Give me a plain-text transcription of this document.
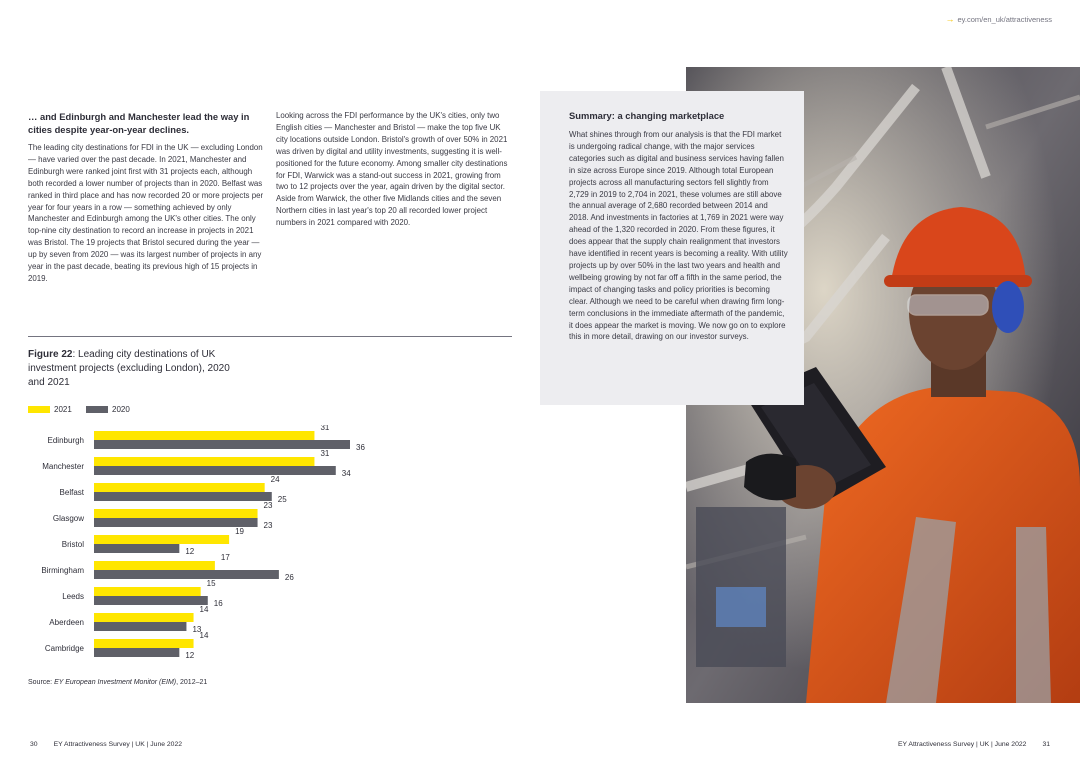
→ ey.com/en_uk/attractiveness

… and Edinburgh and Manchester lead the way in cities despite year-on-year declines.

The leading city destinations for FDI in the UK — excluding London — have varied over the past decade. In 2021, Manchester and Edinburgh were ranked joint first with 31 projects each, although both recorded a lower number of projects than in 2020. Belfast was ranked in third place and has now recorded 20 or more projects per year for four years in a row — something achieved by only Manchester and Edinburgh among the UK's other cities. The only top-nine city destination to record an increase in projects in 2021 was Bristol. The 19 projects that Bristol secured during the year — up by seven from 2020 — was its largest number of projects in any year in the past decade, beating its previous high of 15 projects in 2019.

Looking across the FDI performance by the UK's cities, only two English cities — Manchester and Bristol — make the top five UK city locations outside London. Bristol's growth of over 50% in 2021 was driven by digital and utility investments, suggesting it is well-positioned for the future economy. Among smaller city destinations for FDI, Warwick was a stand-out success in 2021, growing from two to 12 projects over the year, again driven by the digital sector. Aside from Warwick, the other five Midlands cities and the seven Northern cities in last year's top 20 all recorded lower project numbers in 2021 compared with 2020.

Figure 22: Leading city destinations of UK investment projects (excluding London), 2020 and 2021
2021
	2020
Edinburgh
31
36
Manchester
31
34
Belfast
24
25
Glasgow
23
23
Bristol
19
12
Birmingham
17
26
Leeds
15
16
Aberdeen
14
13
Cambridge
14
12
Source: EY European Investment Monitor (EIM), 2012–21

Summary: a changing marketplace

What shines through from our analysis is that the FDI market is undergoing radical change, with the major services categories such as digital and business services having fallen in size across Europe since 2019. Although total European projects across all manufacturing sectors fell slightly from 2,729 in 2019 to 2,704 in 2021, these volumes are still above the annual average of 2,680 recorded between 2014 and 2018. And investments in factories at 1,769 in 2021 were way ahead of the 1,320 recorded in 2020. From these figures, it does appear that the supply chain realignment that investors have identified in recent years is becoming a reality. With utility projects up by over 50% in the last two years and health and wellbeing growing by not far off a fifth in the same period, the impact of changing tasks and policy priorities is becoming clear. Although we need to be careful when drawing firm long-term conclusions in the immediate aftermath of the pandemic, it does appear the market is moving. We now go on to explore this in more detail, drawing on our investor surveys.

30 EY Attractiveness Survey | UK | June 2022	EY Attractiveness Survey | UK | June 2022 31
